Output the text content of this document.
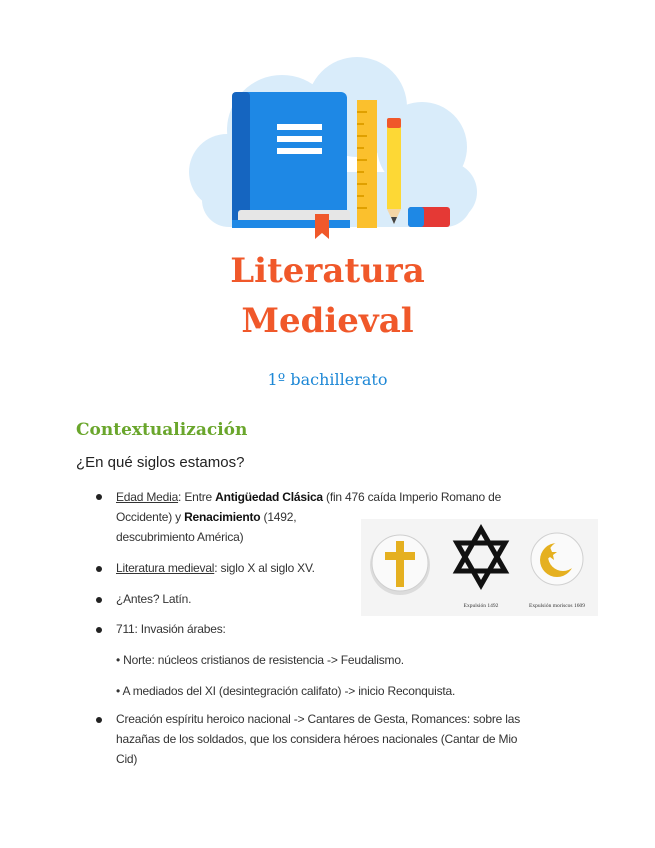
Literatura
Medieval

1º bachillerato

Contextualización

¿En qué siglos estamos?

Edad Media: Entre Antigüedad Clásica (fin 476 caída Imperio Romano de
Occidente) y Renacimiento (1492,
descubrimiento América)
Literatura medieval: siglo X al siglo XV.
¿Antes? Latín.
711: Invasión árabes:
• Norte: núcleos cristianos de resistencia -> Feudalismo.
• A mediados del XI (desintegración califato) -> inicio Reconquista.
Creación espíritu heroico nacional -> Cantares de Gesta, Romances: sobre las
hazañas de los soldados, que los considera héroes nacionales (Cantar de Mio
Cid)
Expulsión 1492	Expulsión moriscos 1609
